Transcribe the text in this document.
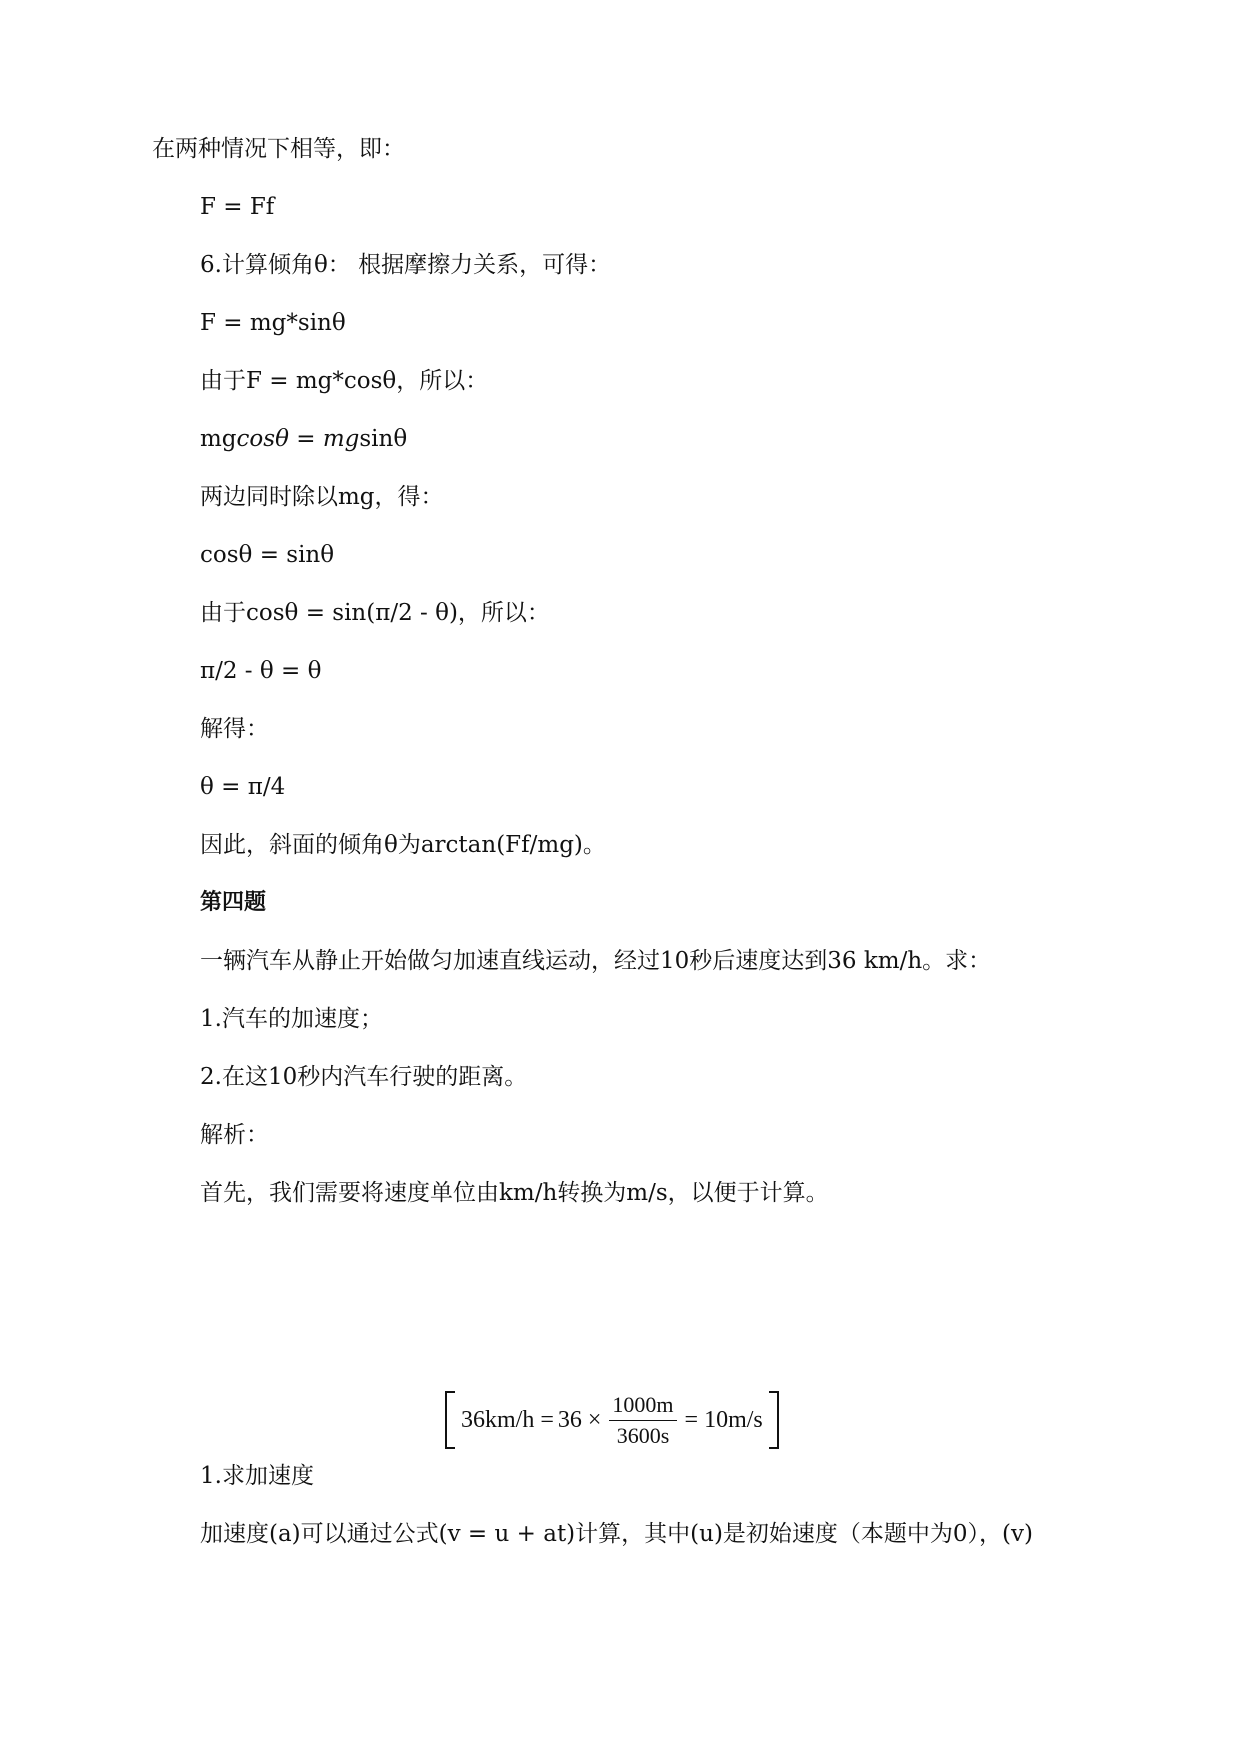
在两种情况下相等，即：
F = Ff
6.计算倾角θ： 根据摩擦力关系，可得：
F = mg*sinθ
由于F = mg*cosθ，所以：
mgcosθ = mgsinθ
两边同时除以mg，得：
cosθ = sinθ
由于cosθ = sin(π/2 - θ)，所以：
π/2 - θ = θ
解得：
θ = π/4
因此，斜面的倾角θ为arctan(Ff/mg)。
第四题
一辆汽车从静止开始做匀加速直线运动，经过10秒后速度达到36 km/h。求：
1.汽车的加速度；
2.在这10秒内汽车行驶的距离。
解析：
首先，我们需要将速度单位由km/h转换为m/s，以便于计算。
$36km/h = 36 \times \frac{1000m}{3600s} = 10m/s$
1.求加速度
加速度(a)可以通过公式(v = u + at)计算，其中(u)是初始速度（本题中为0），(v)
